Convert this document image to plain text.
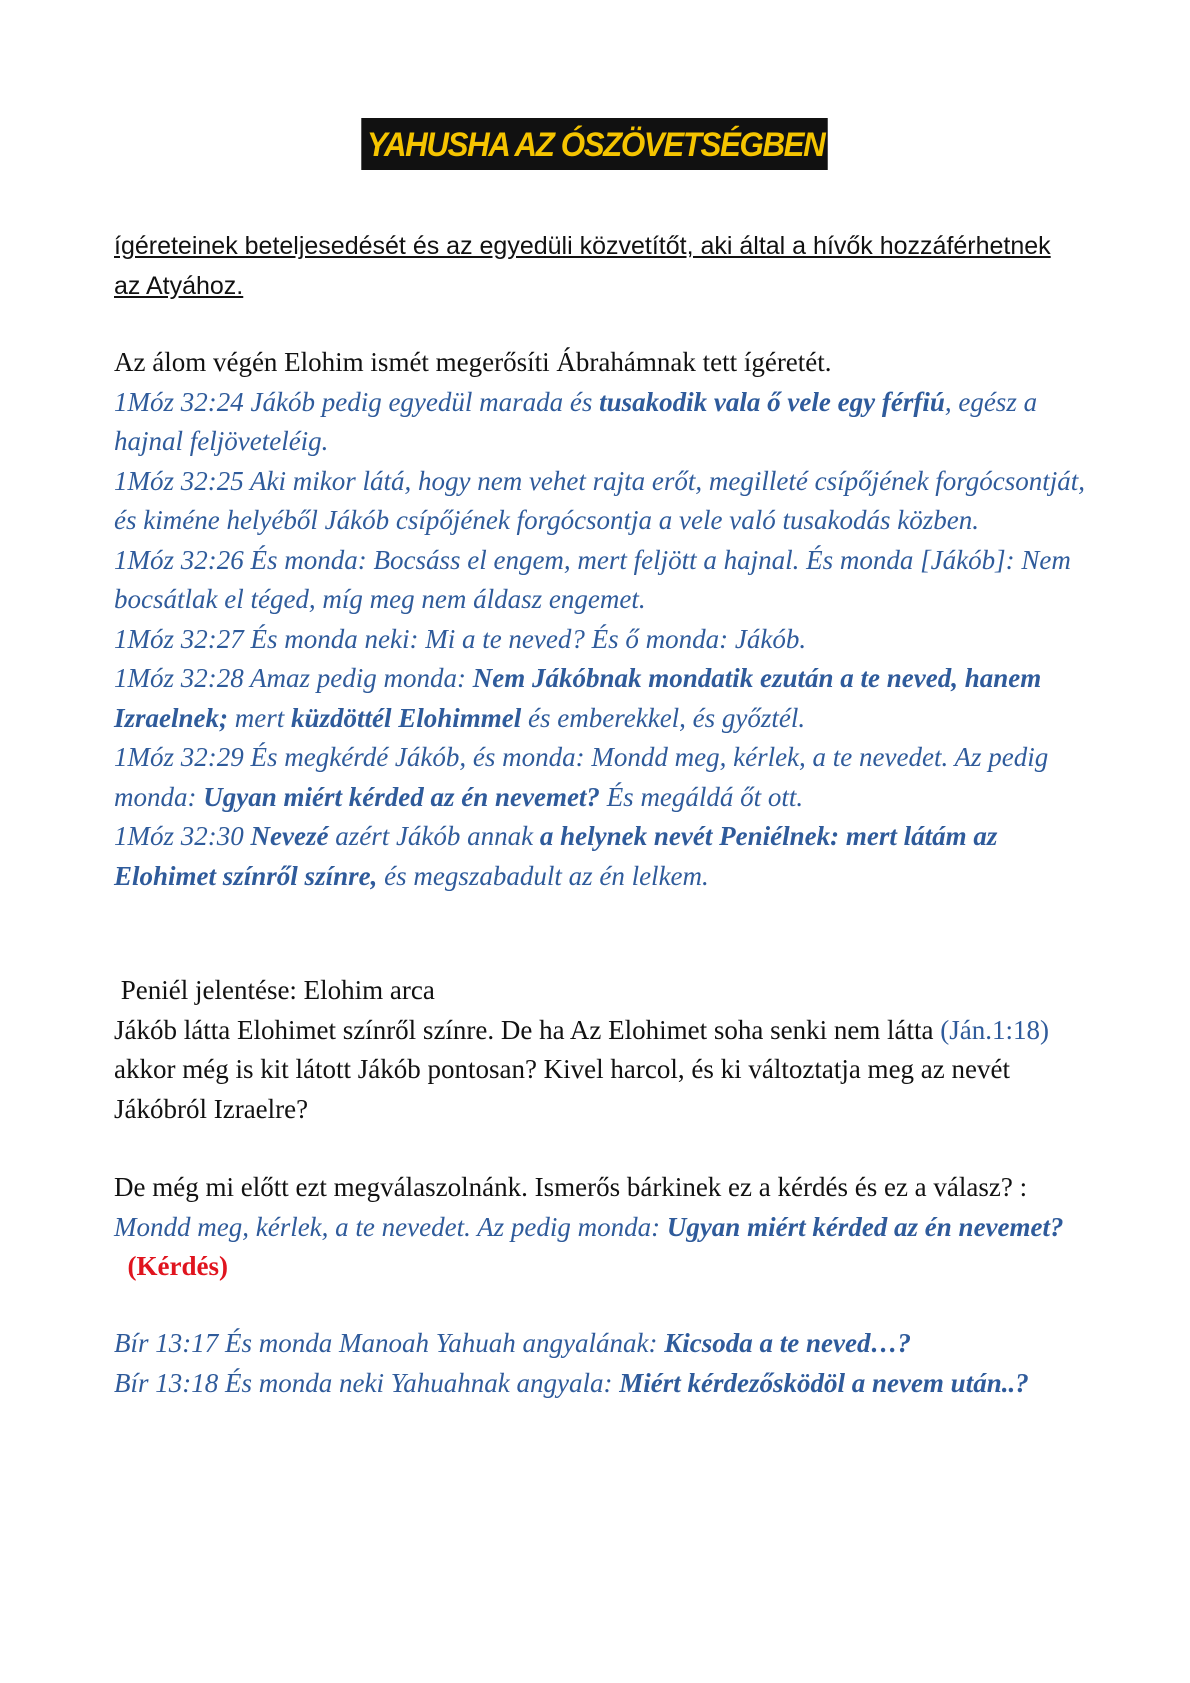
YAHUSHA AZ ÓSZÖVETSÉGBEN
ígéreteinek beteljesedését és az egyedüli közvetítőt, aki által a hívők hozzáférhetnek az Atyához.

Az álom végén Elohim ismét megerősíti Ábrahámnak tett ígéretét.

1Móz 32:24 Jákób pedig egyedül marada és tusakodik vala ő vele egy férfiú, egész a hajnal feljöveteléig.

1Móz 32:25 Aki mikor látá, hogy nem vehet rajta erőt, megilleté csípőjének forgócsontját, és kiméne helyéből Jákób csípőjének forgócsontja a vele való tusakodás közben.

1Móz 32:26 És monda: Bocsáss el engem, mert feljött a hajnal. És monda [Jákób]: Nem bocsátlak el téged, míg meg nem áldasz engemet.

1Móz 32:27 És monda neki: Mi a te neved? És ő monda: Jákób.

1Móz 32:28 Amaz pedig monda: Nem Jákóbnak mondatik ezután a te neved, hanem Izraelnek; mert küzdöttél Elohimmel és emberekkel, és győztél.

1Móz 32:29 És megkérdé Jákób, és monda: Mondd meg, kérlek, a te nevedet. Az pedig monda: Ugyan miért kérded az én nevemet? És megáldá őt ott.

1Móz 32:30 Nevezé azért Jákób annak a helynek nevét Peniélnek: mert látám az Elohimet színről színre, és megszabadult az én lelkem.

Peniél jelentése: Elohim arca

Jákób látta Elohimet színről színre. De ha Az Elohimet soha senki nem látta (Ján.1:18) akkor még is kit látott Jákób pontosan? Kivel harcol, és ki változtatja meg az nevét Jákóbról Izraelre?

De még mi előtt ezt megválaszolnánk. Ismerős bárkinek ez a kérdés és ez a válasz? : Mondd meg, kérlek, a te nevedet. Az pedig monda: Ugyan miért kérded az én nevemet?  (Kérdés)

Bír 13:17 És monda Manoah Yahuah angyalának: Kicsoda a te neved…?

Bír 13:18 És monda neki Yahuahnak angyala: Miért kérdezősködöl a nevem után..?
